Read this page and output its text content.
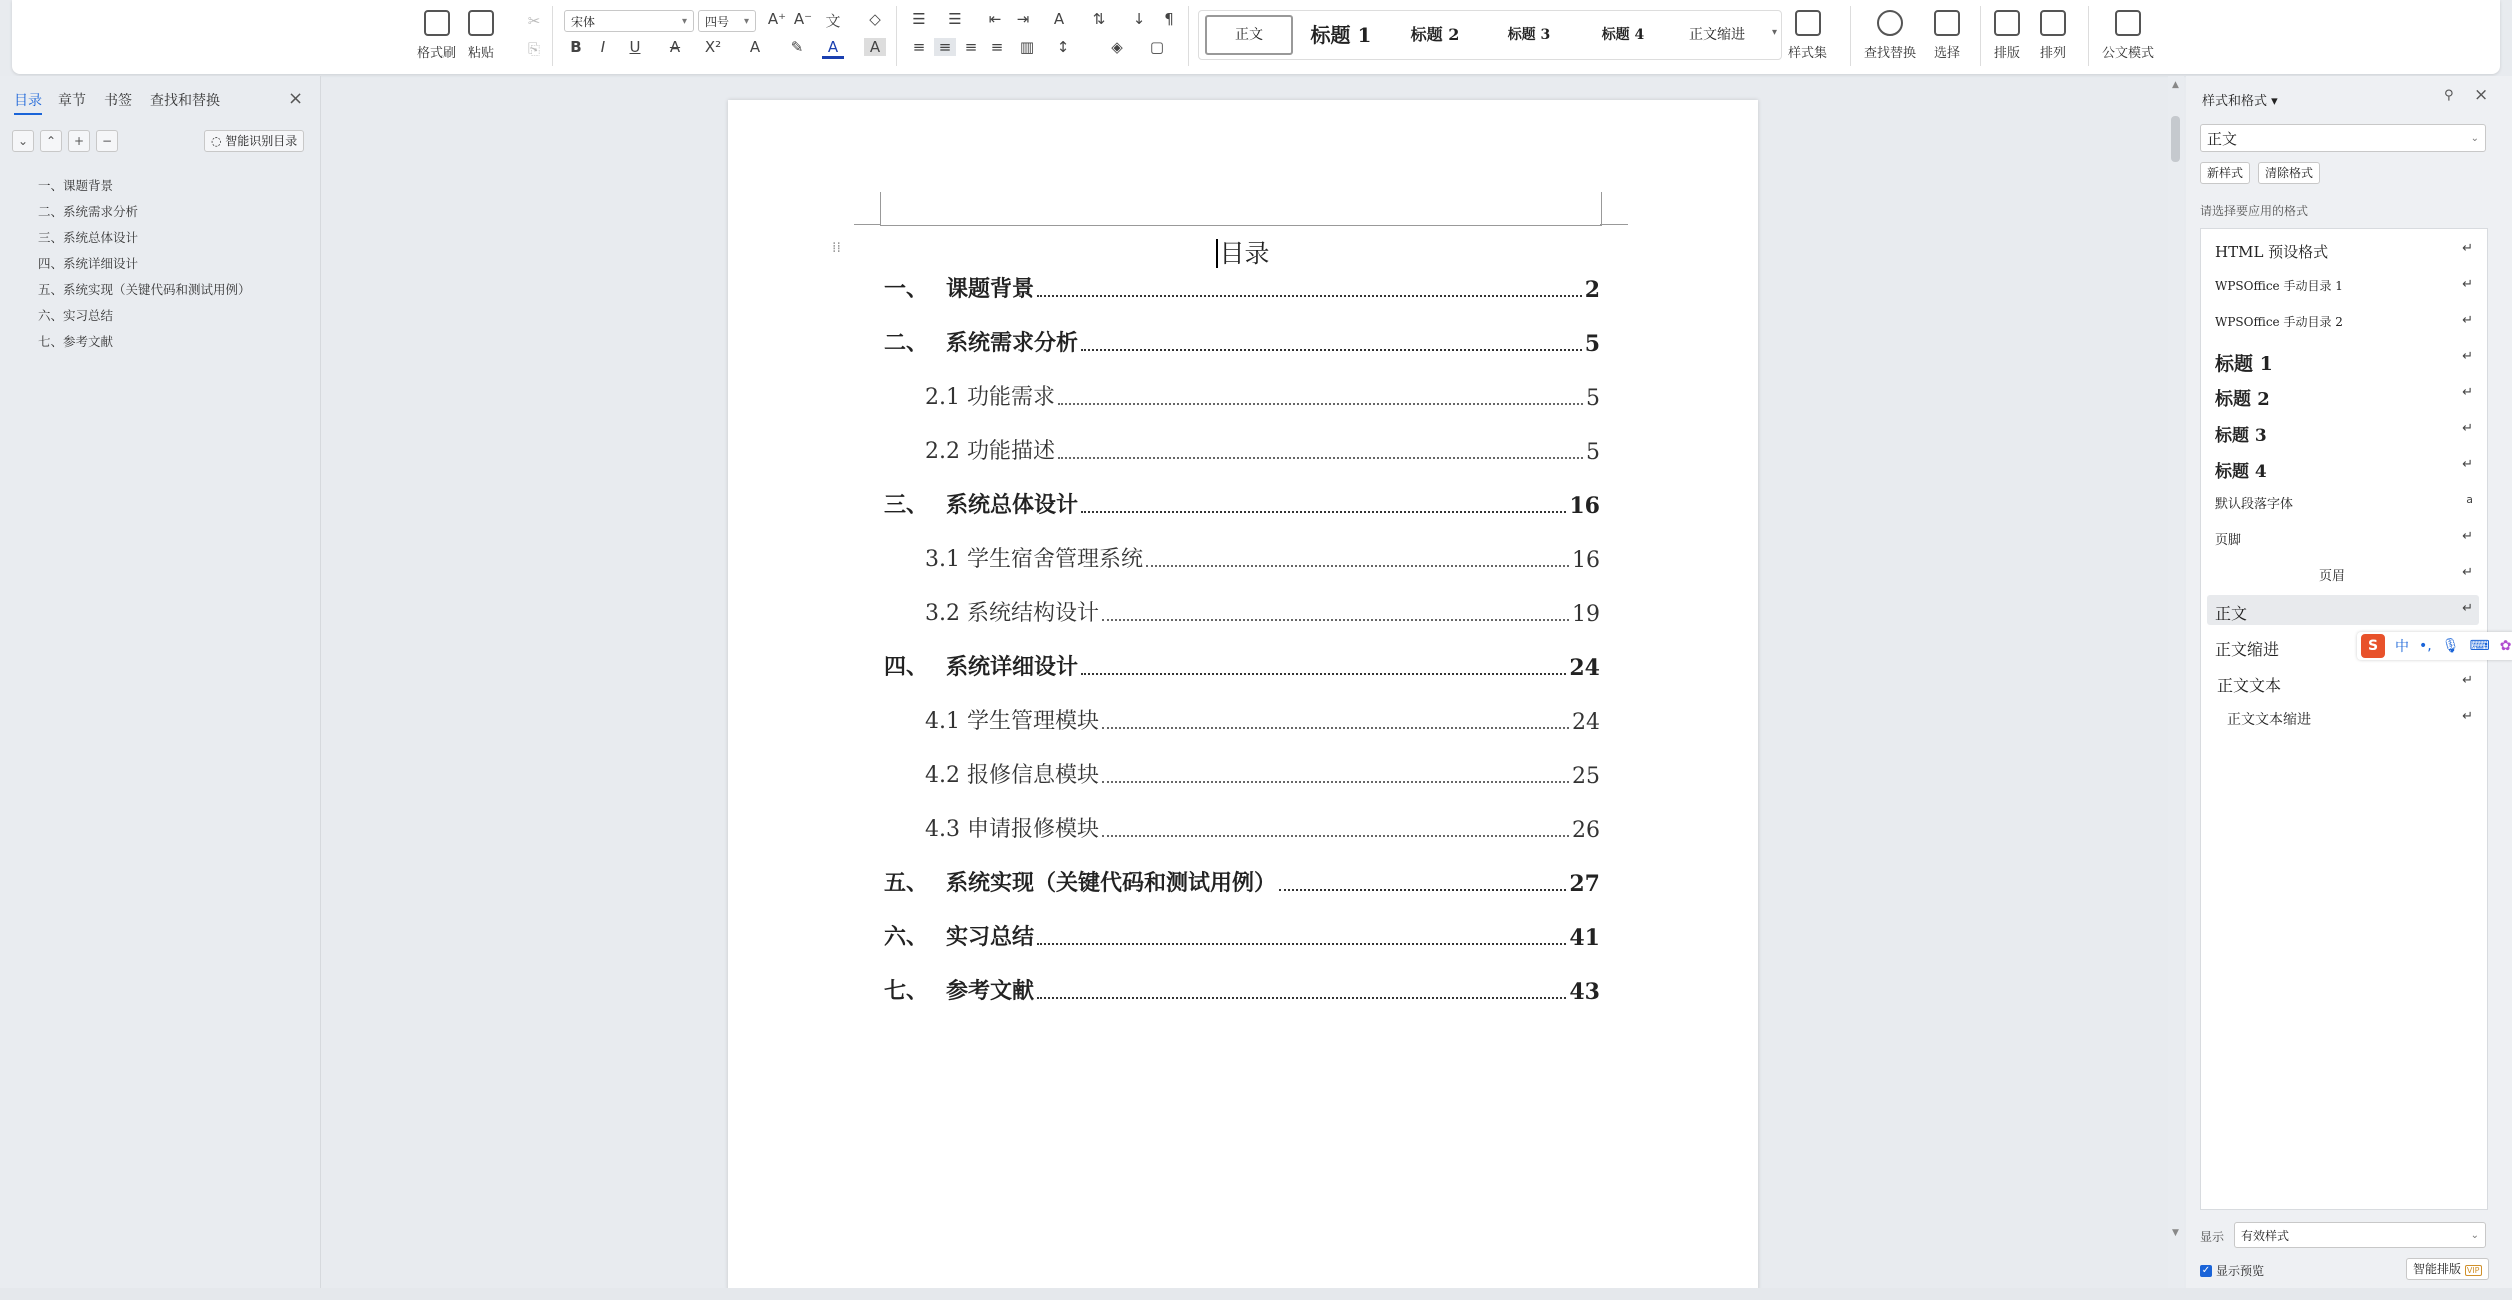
格式刷 粘贴
✂
⎘
宋体	▾	四号 ▾ A⁺ A⁻ 文	◇
B	I	U	A	X²	A	✎	A	A
☰ ☰	⇤	⇥	A	⇅	↓	¶
≡ ≡ ≡ ≡	▥	↕	◈	▢
正文	标题 1	标题 2	标题 3	标题 4	正文缩进	▾
样式集	查找替换 选择	排版 排列	公文模式
目录 章节 书签 查找和替换	×
⌄	⌃	+	−	◌ 智能识别目录
一、课题背景
二、系统需求分析
三、系统总体设计
四、系统详细设计
五、系统实现（关键代码和测试用例）
六、实习总结
七、参考文献
⁞⁞	目录
一、 课题背景	2
二、 系统需求分析	5
2.1 功能需求	5
2.2 功能描述	5
三、 系统总体设计	16
3.1 学生宿舍管理系统	16
3.2 系统结构设计	19
四、 系统详细设计	24
4.1 学生管理模块	24
4.2 报修信息模块	25
4.3 申请报修模块	26
五、 系统实现（关键代码和测试用例）	27
六、 实习总结	41
七、 参考文献	43
▲
▼
样式和格式 ▾	⚲ ×
正文	⌄
新样式	清除格式
请选择要应用的格式
HTML 预设格式	↵
WPSOffice 手动目录 1	↵
WPSOffice 手动目录 2	↵
标题 1	↵
标题 2	↵
标题 3	↵
标题 4	↵
默认段落字体	a
页脚	↵
页眉	↵
正文	↵
正文缩进
正文文本	↵
正文文本缩进	↵
显示	有效样式	⌄
✓ 显示预览	智能排版 VIP
S	中 •, 🎙 ⌨ ✿
